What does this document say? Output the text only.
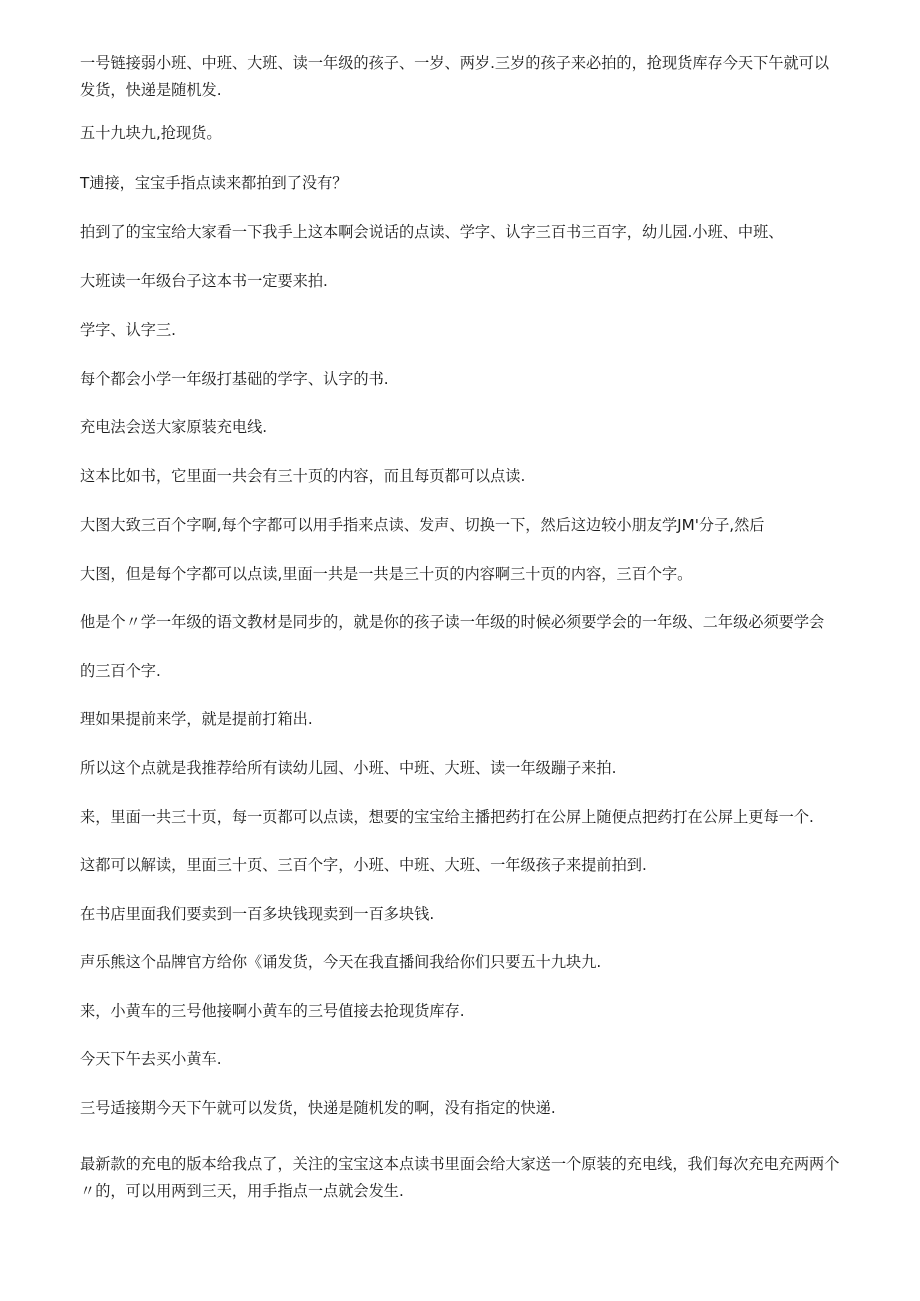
一号链接弱小班、中班、大班、读一年级的孩子、一岁、两岁.三岁的孩子来必拍的，抢现货库存今天下午就可以发货，快递是随机发.

五十九块九,抢现货。

T逋接，宝宝手指点读来都拍到了没有？

拍到了的宝宝给大家看一下我手上这本啊会说话的点读、学字、认字三百书三百字，幼儿园.小班、中班、

大班读一年级台子这本书一定要来拍.

学字、认字三.

每个都会小学一年级打基础的学字、认字的书.

充电法会送大家原装充电线.

这本比如书，它里面一共会有三十页的内容，而且每页都可以点读.

大图大致三百个字啊,每个字都可以用手指来点读、发声、切换一下，然后这边较小朋友学JM'分子,然后

大图，但是每个字都可以点读,里面一共是一共是三十页的内容啊三十页的内容，三百个字。

他是个〃学一年级的语文教材是同步的，就是你的孩子读一年级的时候必须要学会的一年级、二年级必须要学会

的三百个字.

理如果提前来学，就是提前打箱出.

所以这个点就是我推荐给所有读幼儿园、小班、中班、大班、读一年级蹦子来拍.

来，里面一共三十页，每一页都可以点读，想要的宝宝给主播把药打在公屏上随便点把药打在公屏上更每一个.

这都可以解读，里面三十页、三百个字，小班、中班、大班、一年级孩子来提前拍到.

在书店里面我们要卖到一百多块钱现卖到一百多块钱.

声乐熊这个品牌官方给你《诵发货，今天在我直播间我给你们只要五十九块九.

来，小黄车的三号他接啊小黄车的三号值接去抢现货库存.

今天下午去买小黄车.

三号适接期今天下午就可以发货，快递是随机发的啊，没有指定的快递.

最新款的充电的版本给我点了，关注的宝宝这本点读书里面会给大家送一个原装的充电线，我们每次充电充两两个〃的，可以用两到三天，用手指点一点就会发生.
